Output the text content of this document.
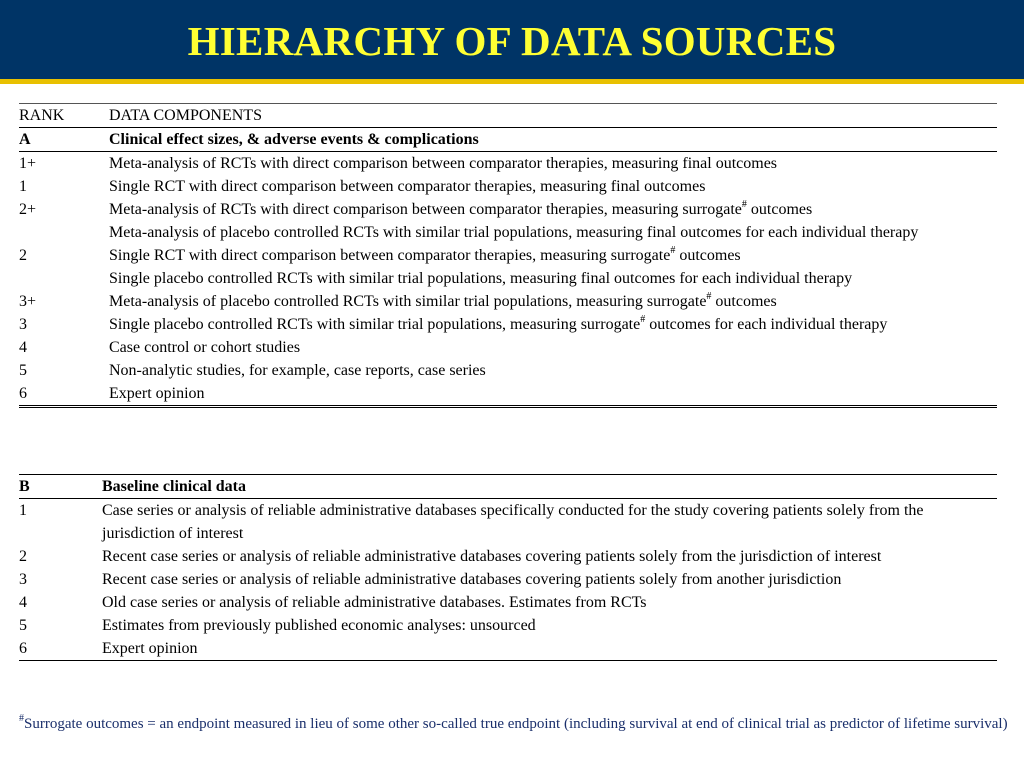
HIERARCHY OF DATA SOURCES
RANK	DATA COMPONENTS
A	Clinical effect sizes, & adverse events & complications
1+	Meta-analysis of RCTs with direct comparison between comparator therapies, measuring final outcomes
1	Single RCT with direct comparison between comparator therapies, measuring final outcomes
2+	Meta-analysis of RCTs with direct comparison between comparator therapies, measuring surrogate# outcomes
Meta-analysis of placebo controlled RCTs with similar trial populations, measuring final outcomes for each individual therapy
2	Single RCT with direct comparison between comparator therapies, measuring surrogate# outcomes
Single placebo controlled RCTs with similar trial populations, measuring final outcomes for each individual therapy
3+	Meta-analysis of placebo controlled RCTs with similar trial populations, measuring surrogate# outcomes
3	Single placebo controlled RCTs with similar trial populations, measuring surrogate# outcomes for each individual therapy
4	Case control or cohort studies
5	Non-analytic studies, for example, case reports, case series
6	Expert opinion
B	Baseline clinical data
1	Case series or analysis of reliable administrative databases specifically conducted for the study covering patients solely from the jurisdiction of interest
2	Recent case series or analysis of reliable administrative databases covering patients solely from the jurisdiction of interest
3	Recent case series or analysis of reliable administrative databases covering patients solely from another jurisdiction
4	Old case series or analysis of reliable administrative databases. Estimates from RCTs
5	Estimates from previously published economic analyses: unsourced
6	Expert opinion
#Surrogate outcomes = an endpoint measured in lieu of some other so-called true endpoint (including survival at end of clinical trial as predictor of lifetime survival)
